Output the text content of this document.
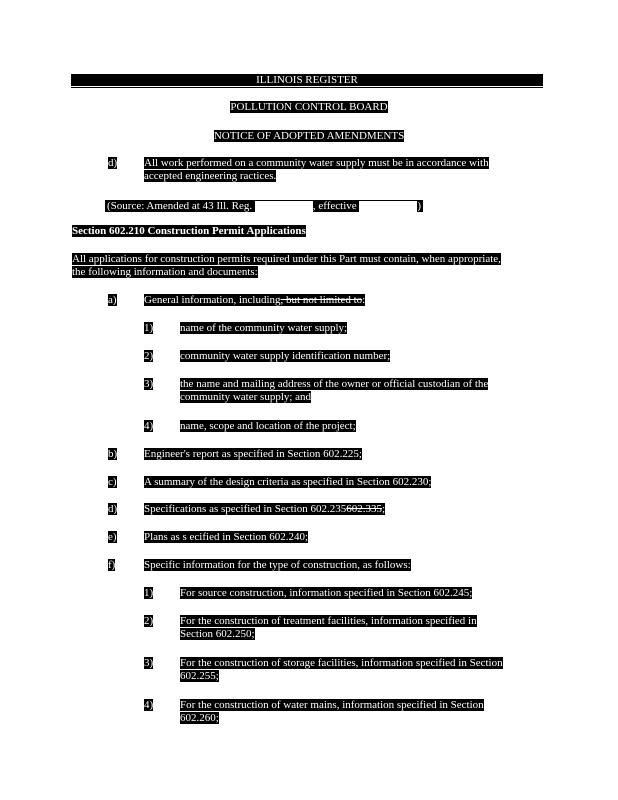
ILLINOIS REGISTER
POLLUTION CONTROL BOARD
NOTICE OF ADOPTED AMENDMENTS
d) All work performed on a community water supply must be in accordance with
accepted engineering ractices.
(Source: Amended at 43 Ill. Reg.	, effective	)
Section 602.210 Construction Permit Applications
All applications for construction permits required under this Part must contain, when appropriate,
the following information and documents:
a) General information, including, but not limited to:
1) name of the community water supply;
2) community water supply identification number;
3) the name and mailing address of the owner or official custodian of the
community water supply; and
4) name, scope and location of the project;
b) Engineer's report as specified in Section 602.225;
c) A summary of the design criteria as specified in Section 602.230;
d) Specifications as specified in Section 602.235602.335;
e) Plans as s ecified in Section 602.240;
f)	Specific information for the type of construction, as follows:
1) For source construction, information specified in Section 602.245;
2) For the construction of treatment facilities, information specified in
Section 602.250;
3) For the construction of storage facilities, information specified in Section
602.255;
4) For the construction of water mains, information specified in Section
602.260;
